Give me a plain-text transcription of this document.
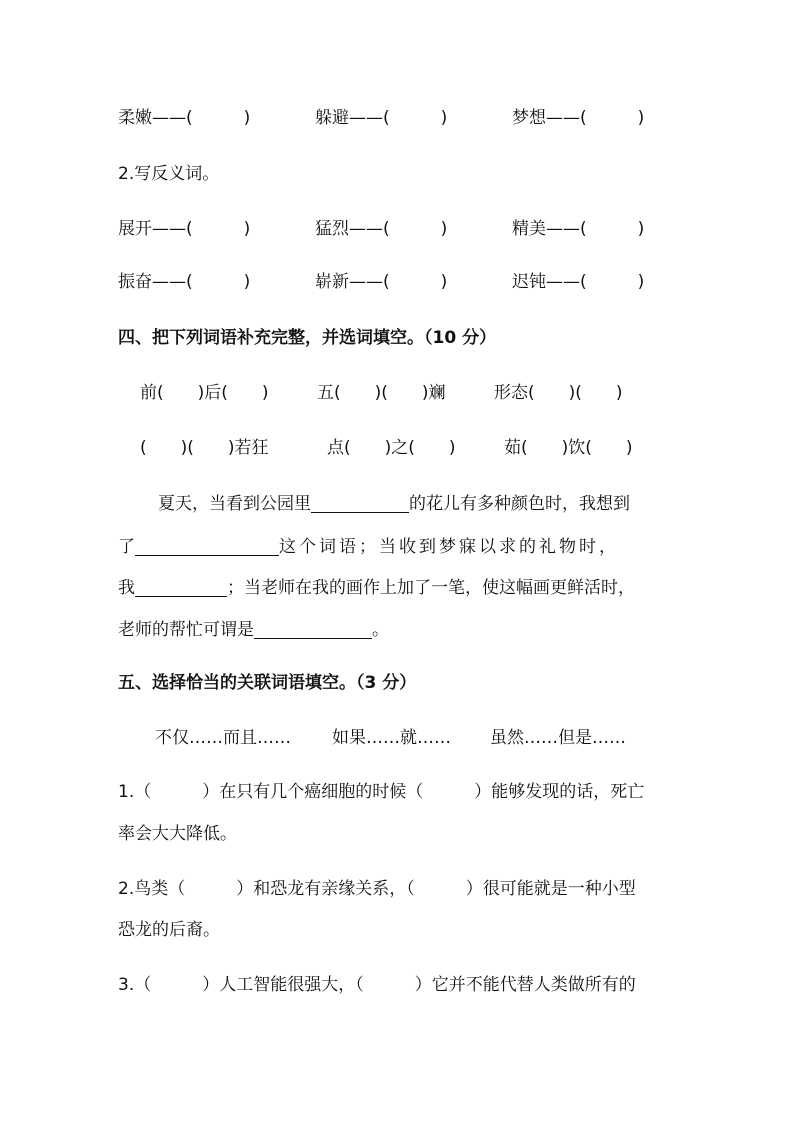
柔嫩——(　　　)	躲避——(　　　)	梦想——(　　　)
2.写反义词。
展开——(　　　)	猛烈——(　　　)	精美——(　　　)
振奋——(　　　)	崭新——(　　　)	迟钝——(　　　)
四、把下列词语补充完整，并选词填空。（10 分）
前(　　)后(　　)	五(　　)(　　)斓	形态(　　)(　　)
(　　)(　　)若狂	点(　　)之(　　)	茹(　　)饮(　　)
夏天，当看到公园里	的花儿有多种颜色时，我想到
了	这个词语；当收到梦寐以求的礼物时，
我	；当老师在我的画作上加了一笔，使这幅画更鲜活时，
老师的帮忙可谓是	。
五、选择恰当的关联词语填空。（3 分）
不仅……而且…… 如果……就…… 虽然……但是……
1.（　　　）在只有几个癌细胞的时候（　　　）能够发现的话，死亡
率会大大降低。
2.鸟类（　　　）和恐龙有亲缘关系，（　　　）很可能就是一种小型
恐龙的后裔。
3.（　　　）人工智能很强大，（　　　）它并不能代替人类做所有的
